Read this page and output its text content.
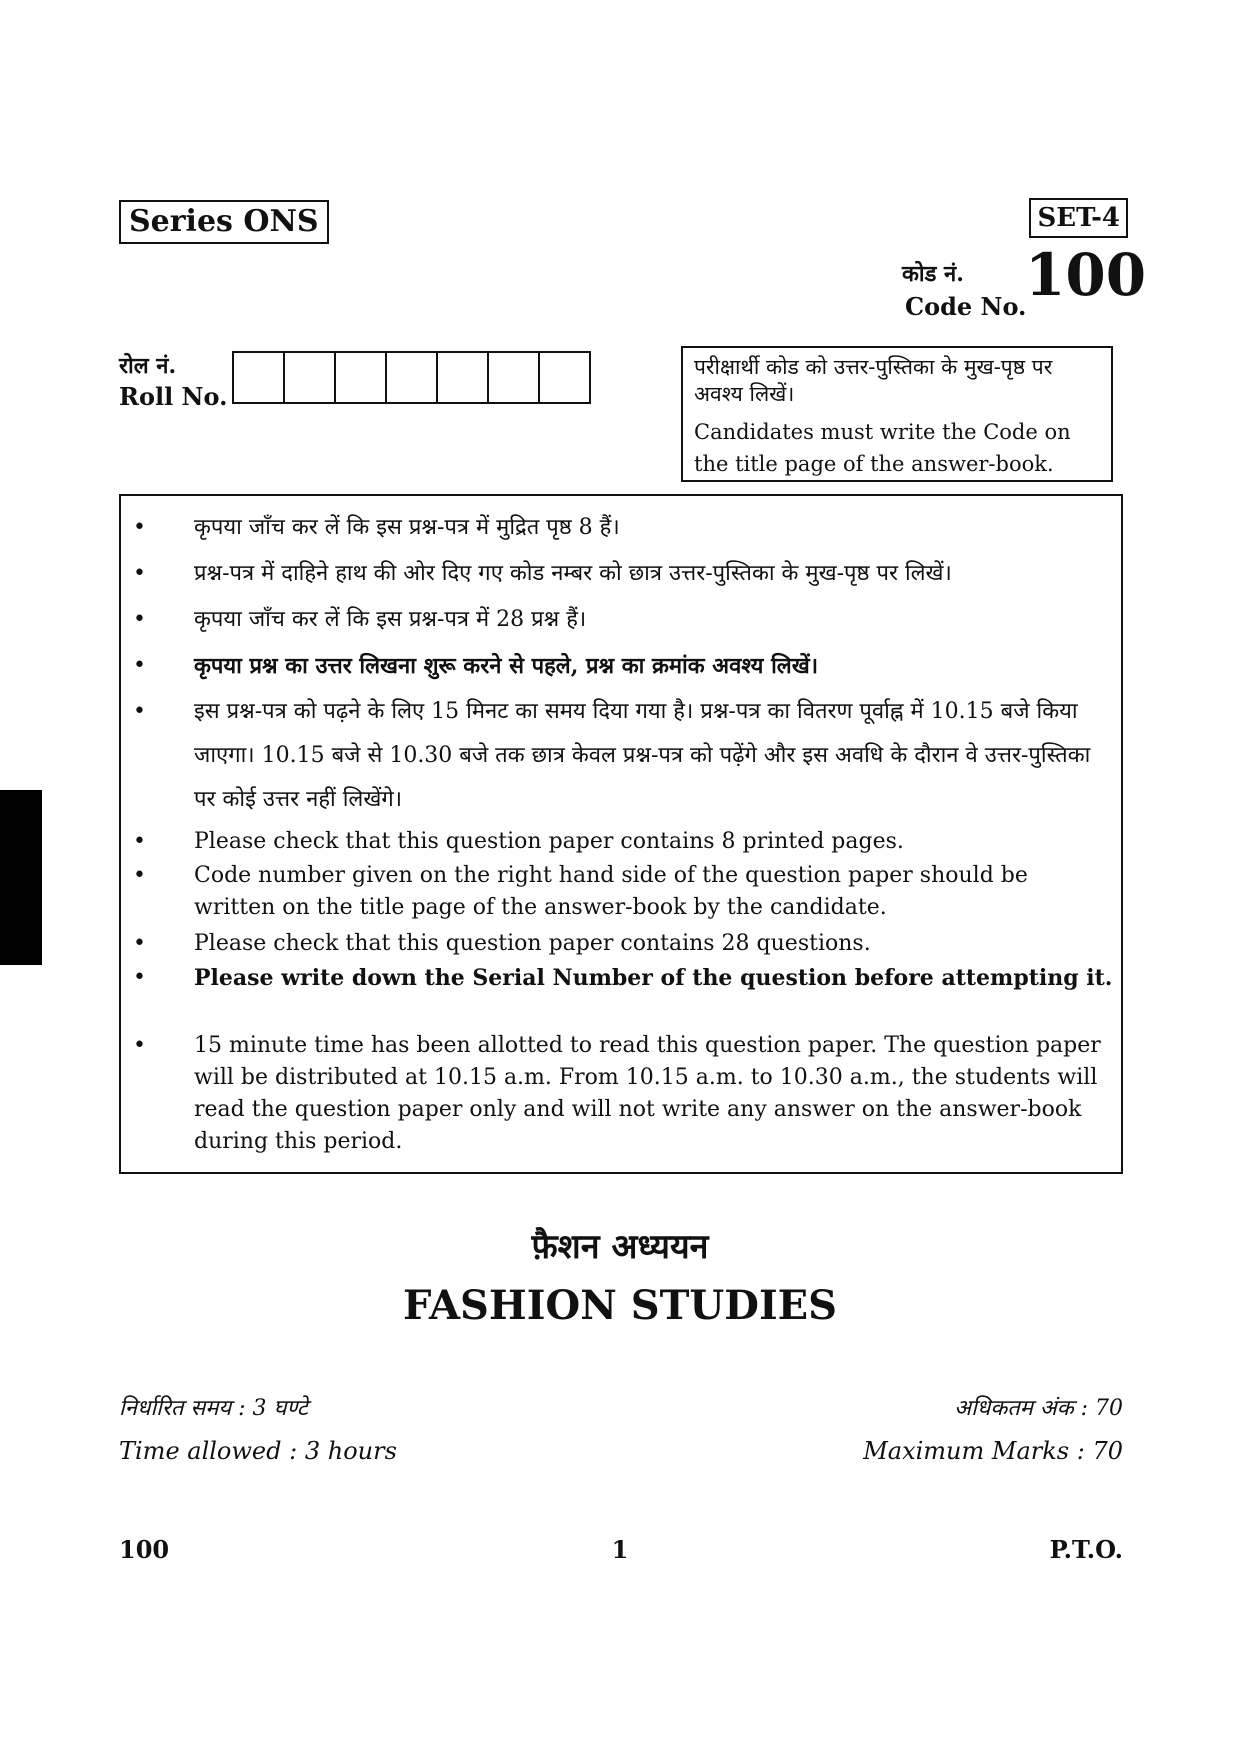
Series ONS	SET-4
कोड नं.
Code No.
100
रोल नं.
Roll No.

परीक्षार्थी कोड को उत्तर-पुस्तिका के मुख-पृष्ठ पर अवश्य लिखें।

Candidates must write the Code on the title page of the answer-book.

• कृपया जाँच कर लें कि इस प्रश्न-पत्र में मुद्रित पृष्ठ 8 हैं।
• प्रश्न-पत्र में दाहिने हाथ की ओर दिए गए कोड नम्बर को छात्र उत्तर-पुस्तिका के मुख-पृष्ठ पर लिखें।
• कृपया जाँच कर लें कि इस प्रश्न-पत्र में 28 प्रश्न हैं।
• कृपया प्रश्न का उत्तर लिखना शुरू करने से पहले, प्रश्न का क्रमांक अवश्य लिखें।
• इस प्रश्न-पत्र को पढ़ने के लिए 15 मिनट का समय दिया गया है। प्रश्न-पत्र का वितरण पूर्वाह्न में 10.15 बजे किया जाएगा। 10.15 बजे से 10.30 बजे तक छात्र केवल प्रश्न-पत्र को पढ़ेंगे और इस अवधि के दौरान वे उत्तर-पुस्तिका पर कोई उत्तर नहीं लिखेंगे।
• Please check that this question paper contains 8 printed pages.
• Code number given on the right hand side of the question paper should be written on the title page of the answer-book by the candidate.
• Please check that this question paper contains 28 questions.
• Please write down the Serial Number of the question before attempting it.
• 15 minute time has been allotted to read this question paper. The question paper will be distributed at 10.15 a.m. From 10.15 a.m. to 10.30 a.m., the students will read the question paper only and will not write any answer on the answer-book during this period.
फ़ैशन अध्ययन
FASHION STUDIES
निर्धारित समय : 3 घण्टे
Time allowed : 3 hours
अधिकतम अंक : 70
Maximum Marks : 70
100	1	P.T.O.
